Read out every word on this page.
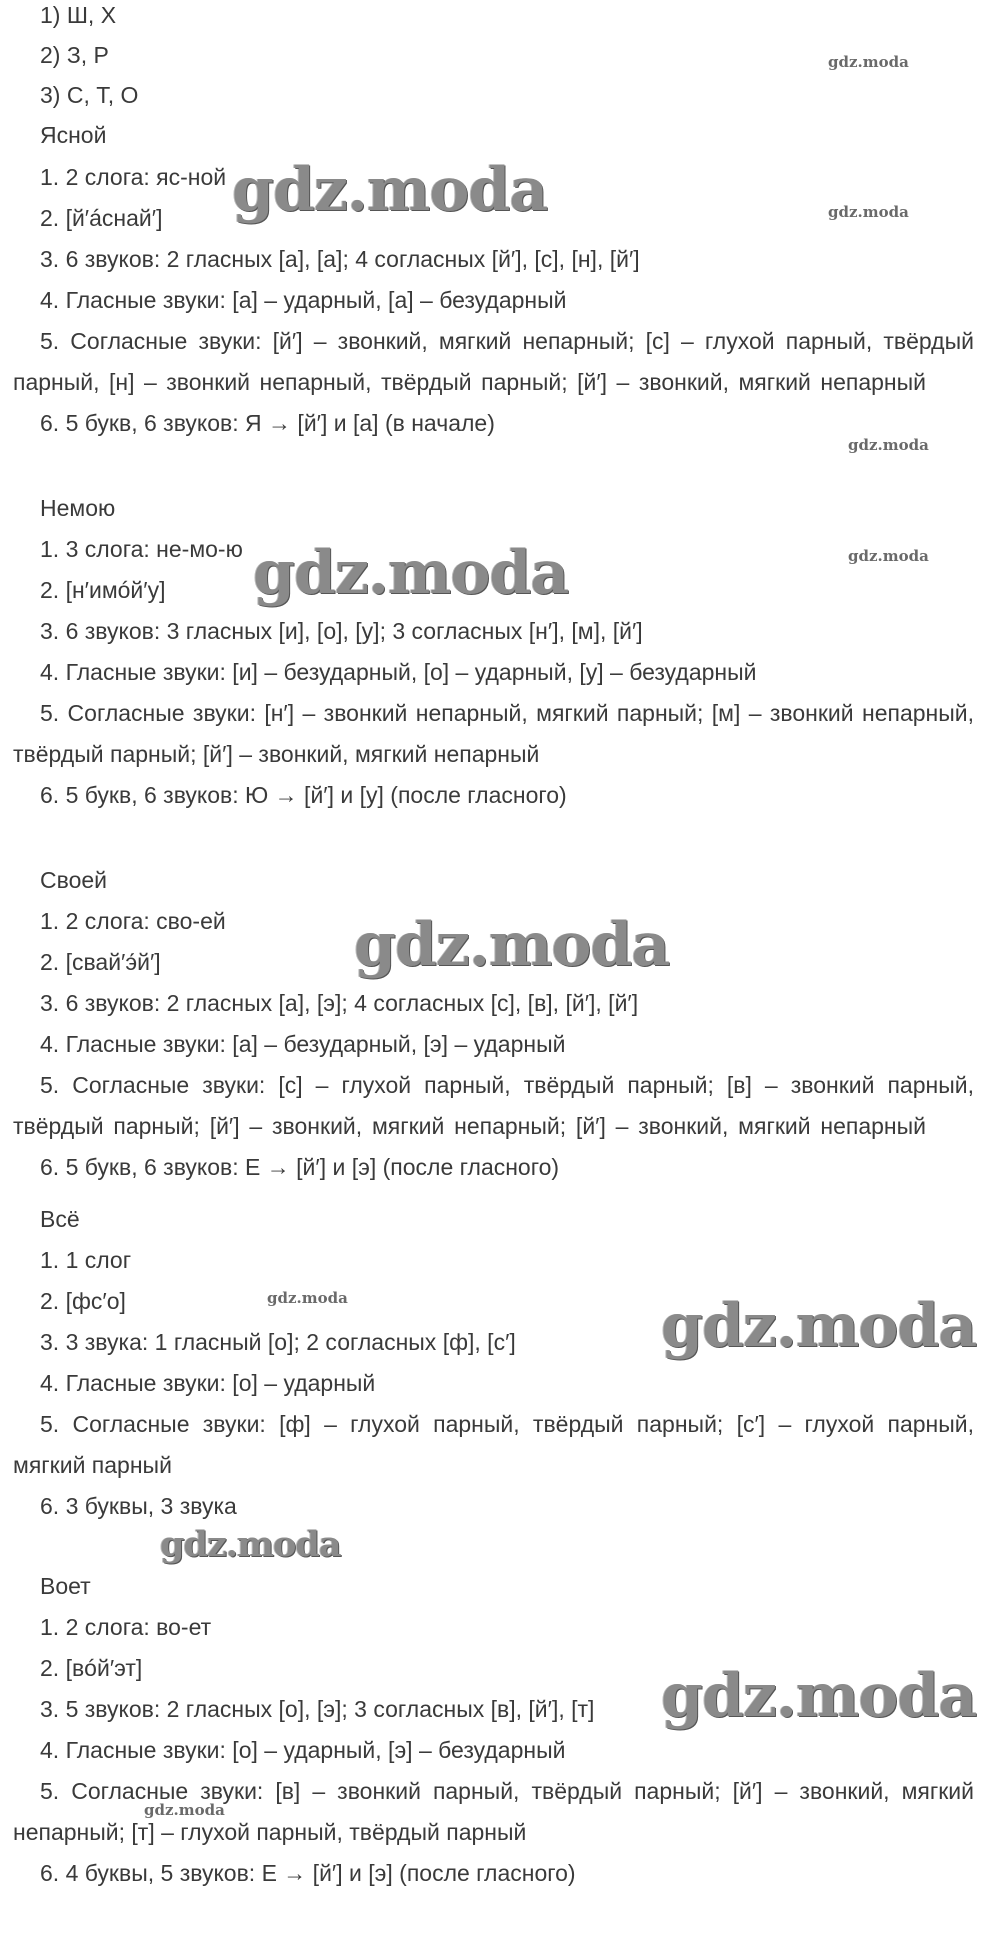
1) Ш, Х
2) З, Р
3) С, Т, О
Ясной
1. 2 слога: яс-ной
2. [й′áснай′]
3. 6 звуков: 2 гласных [а], [а]; 4 согласных [й′], [с], [н], [й′]
4. Гласные звуки: [а] – ударный, [а] – безударный
5. Согласные звуки: [й′] – звонкий, мягкий непарный; [с] – глухой парный, твёрдый
парный, [н] – звонкий непарный, твёрдый парный; [й′] – звонкий, мягкий непарный
6. 5 букв, 6 звуков: Я → [й′] и [а] (в начале)
Немою
1. 3 слога: не-мо-ю
2. [н′имóй′у]
3. 6 звуков: 3 гласных [и], [о], [у]; 3 согласных [н′], [м], [й′]
4. Гласные звуки: [и] – безударный, [о] – ударный, [у] – безударный
5. Согласные звуки: [н′] – звонкий непарный, мягкий парный; [м] – звонкий непарный,
твёрдый парный; [й′] – звонкий, мягкий непарный
6. 5 букв, 6 звуков: Ю → [й′] и [у] (после гласного)
Своей
1. 2 слога: сво-ей
2. [свай′э́й′]
3. 6 звуков: 2 гласных [а], [э]; 4 согласных [с], [в], [й′], [й′]
4. Гласные звуки: [а] – безударный, [э] – ударный
5. Согласные звуки: [с] – глухой парный, твёрдый парный; [в] – звонкий парный,
твёрдый парный; [й′] – звонкий, мягкий непарный; [й′] – звонкий, мягкий непарный
6. 5 букв, 6 звуков: Е → [й′] и [э] (после гласного)
Всё
1. 1 слог
2. [фс′о]
3. 3 звука: 1 гласный [о]; 2 согласных [ф], [с′]
4. Гласные звуки: [о] – ударный
5. Согласные звуки: [ф] – глухой парный, твёрдый парный; [с′] – глухой парный,
мягкий парный
6. 3 буквы, 3 звука
Воет
1. 2 слога: во-ет
2. [вóй′эт]
3. 5 звуков: 2 гласных [о], [э]; 3 согласных [в], [й′], [т]
4. Гласные звуки: [о] – ударный, [э] – безударный
5. Согласные звуки: [в] – звонкий парный, твёрдый парный; [й′] – звонкий, мягкий
непарный; [т] – глухой парный, твёрдый парный
6. 4 буквы, 5 звуков: Е → [й′] и [э] (после гласного)
gdz.moda
gdz.moda	gdz.moda
gdz.moda
gdz.moda
gdz.moda
gdz.moda
gdz.moda	gdz.moda
gdz.moda
gdz.moda
gdz.moda
